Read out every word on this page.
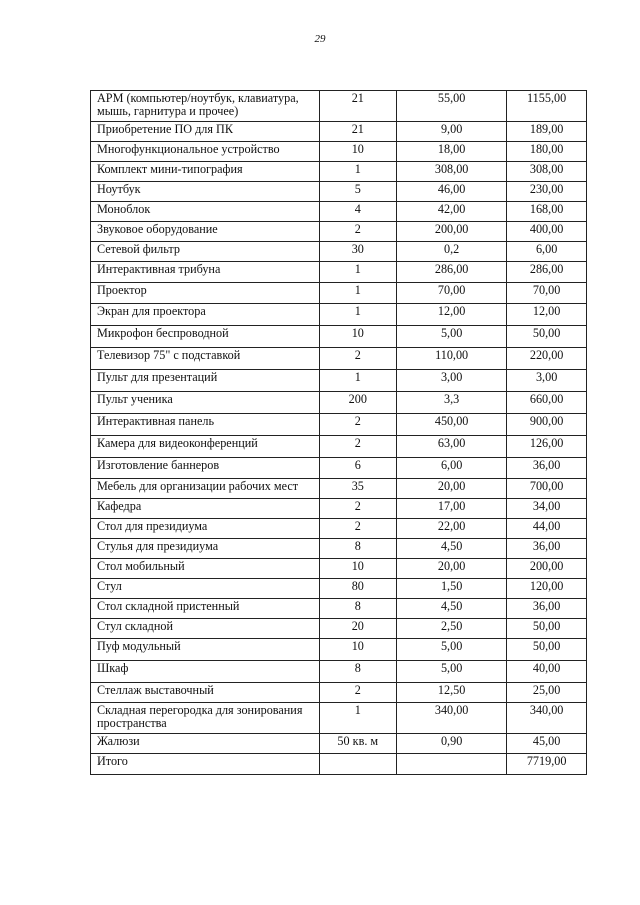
29
АРМ (компьютер/ноутбук, клавиатура, мышь, гарнитура и прочее)	21	55,00	1155,00
Приобретение ПО для ПК	21	9,00	189,00
Многофункциональное устройство	10	18,00	180,00
Комплект мини-типография	1	308,00	308,00
Ноутбук	5	46,00	230,00
Моноблок	4	42,00	168,00
Звуковое оборудование	2	200,00	400,00
Сетевой фильтр	30	0,2	6,00
Интерактивная трибуна	1	286,00	286,00
Проектор	1	70,00	70,00
Экран для проектора	1	12,00	12,00
Микрофон беспроводной	10	5,00	50,00
Телевизор 75" с подставкой	2	110,00	220,00
Пульт для презентаций	1	3,00	3,00
Пульт ученика	200	3,3	660,00
Интерактивная панель	2	450,00	900,00
Камера для видеоконференций	2	63,00	126,00
Изготовление баннеров	6	6,00	36,00
Мебель для организации рабочих мест	35	20,00	700,00
Кафедра	2	17,00	34,00
Стол для президиума	2	22,00	44,00
Стулья для президиума	8	4,50	36,00
Стол мобильный	10	20,00	200,00
Стул	80	1,50	120,00
Стол складной пристенный	8	4,50	36,00
Стул складной	20	2,50	50,00
Пуф модульный	10	5,00	50,00
Шкаф	8	5,00	40,00
Стеллаж выставочный	2	12,50	25,00
Складная перегородка для зонирования пространства	1	340,00	340,00
Жалюзи	50 кв. м	0,90	45,00
Итого			7719,00
